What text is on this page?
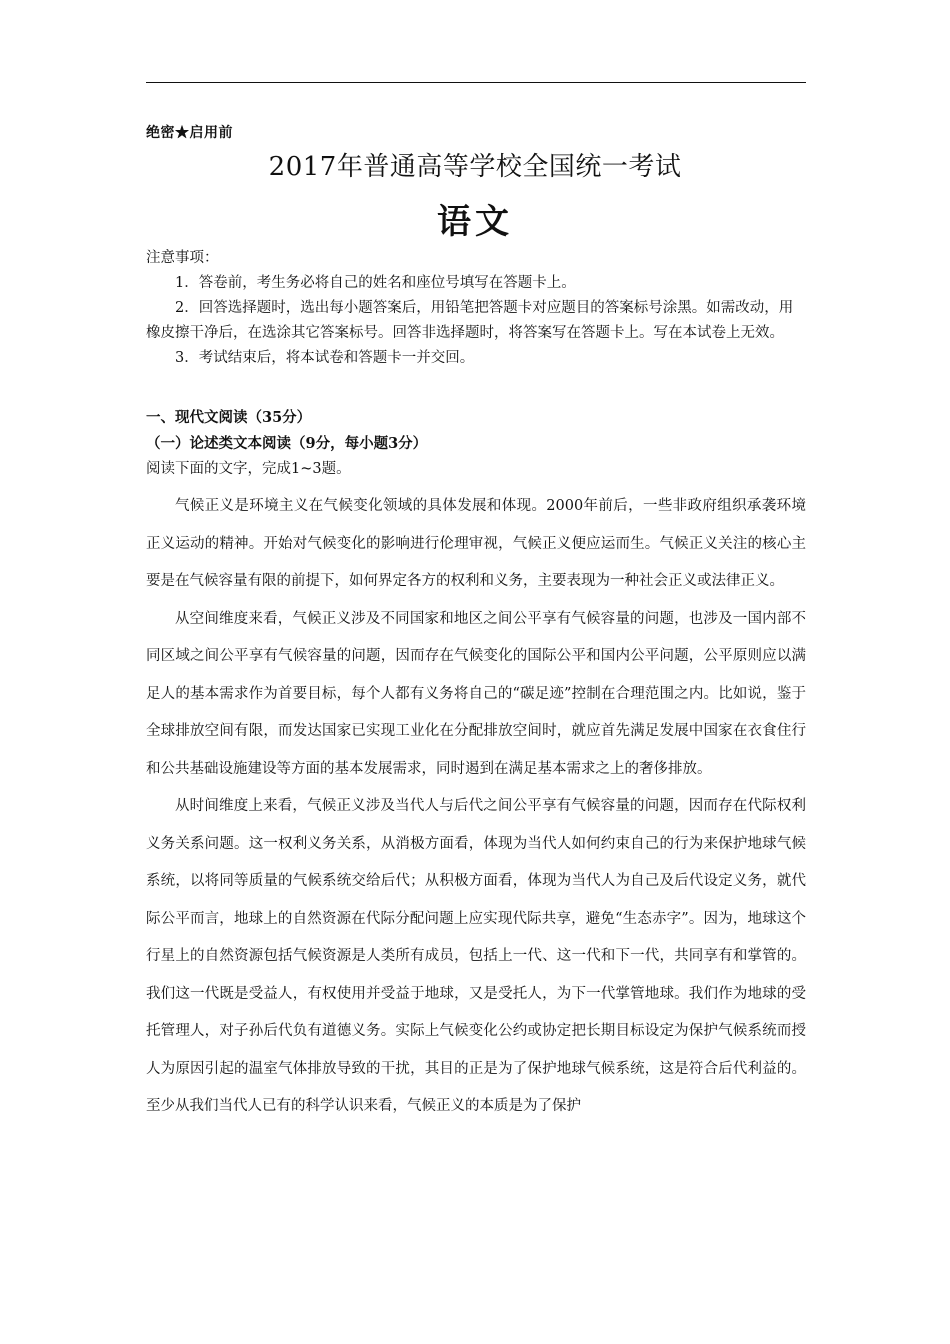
绝密★启用前
2017年普通高等学校全国统一考试
语文

注意事项：

1．答卷前，考生务必将自己的姓名和座位号填写在答题卡上。

2．回答选择题时，选出每小题答案后，用铅笔把答题卡对应题目的答案标号涂黑。如需改动，用橡皮擦干净后，在选涂其它答案标号。回答非选择题时，将答案写在答题卡上。写在本试卷上无效。

3．考试结束后，将本试卷和答题卡一并交回。

一、现代文阅读（35分）
（一）论述类文本阅读（9分，每小题3分）
阅读下面的文字，完成1~3题。

气候正义是环境主义在气候变化领域的具体发展和体现。2000年前后，一些非政府组织承袭环境正义运动的精神。开始对气候变化的影响进行伦理审视，气候正义便应运而生。气候正义关注的核心主要是在气候容量有限的前提下，如何界定各方的权利和义务，主要表现为一种社会正义或法律正义。

从空间维度来看，气候正义涉及不同国家和地区之间公平享有气候容量的问题，也涉及一国内部不同区域之间公平享有气候容量的问题，因而存在气候变化的国际公平和国内公平问题，公平原则应以满足人的基本需求作为首要目标，每个人都有义务将自己的“碳足迹”控制在合理范围之内。比如说，鉴于全球排放空间有限，而发达国家已实现工业化在分配排放空间时，就应首先满足发展中国家在衣食住行和公共基础设施建设等方面的基本发展需求，同时遏到在满足基本需求之上的奢侈排放。

从时间维度上来看，气候正义涉及当代人与后代之间公平享有气候容量的问题，因而存在代际权利义务关系问题。这一权利义务关系，从消极方面看，体现为当代人如何约束自己的行为来保护地球气候系统，以将同等质量的气候系统交给后代；从积极方面看，体现为当代人为自己及后代设定义务，就代际公平而言，地球上的自然资源在代际分配问题上应实现代际共享，避免“生态赤字”。因为，地球这个行星上的自然资源包括气候资源是人类所有成员，包括上一代、这一代和下一代，共同享有和掌管的。我们这一代既是受益人，有权使用并受益于地球，又是受托人，为下一代掌管地球。我们作为地球的受托管理人，对子孙后代负有道德义务。实际上气候变化公约或协定把长期目标设定为保护气候系统而授人为原因引起的温室气体排放导致的干扰，其目的正是为了保护地球气候系统，这是符合后代利益的。至少从我们当代人已有的科学认识来看，气候正义的本质是为了保护
